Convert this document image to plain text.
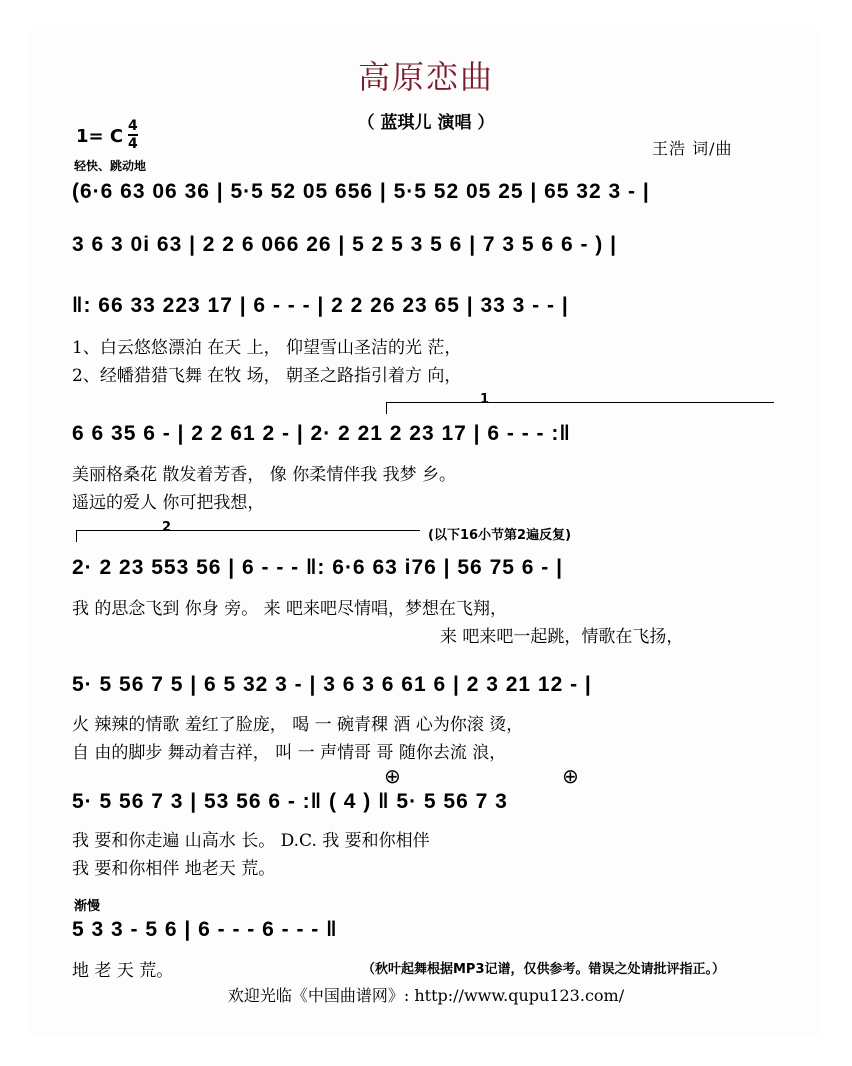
高原恋曲
（ 蓝琪儿 演唱 ）
1= C $\frac{4}{4}$
轻快、跳动地
王浩 词/曲
(6·6 63 06 36 | 5·5 52 05 656 | 5·5 52 05 25 | 65 32 3 - |
3 6 3 0i 63 | 2 2 6 066 26 | 5 2 5 3 5 6 | 7 3 5 6 6 - ) |
‖: 66 33 223 17 | 6 - - - | 2 2 26 23 65 | 33 3 - - |
1、白云悠悠漂泊 在天 上， 仰望雪山圣洁的光 茫，
2、经幡猎猎飞舞 在牧 场， 朝圣之路指引着方 向，
1
6 6 35 6 - | 2 2 61 2 - | 2· 2 21 2 23 17 | 6 - - - :‖
美丽格桑花 散发着芳香， 像 你柔情伴我 我梦 乡。
遥远的爱人 你可把我想，
2
(以下16小节第2遍反复)
2· 2 23 553 56 | 6 - - - ‖: 6·6 63 i76 | 56 75 6 - |
我 的思念飞到 你身 旁。 来 吧来吧尽情唱，梦想在飞翔，
来 吧来吧一起跳，情歌在飞扬，
5· 5 56 7 5 | 6 5 32 3 - | 3 6 3 6 61 6 | 2 3 21 12 - |
火 辣辣的情歌 羞红了脸庞， 喝 一 碗青稞 酒 心为你滚 烫，
自 由的脚步 舞动着吉祥， 叫 一 声情哥 哥 随你去流 浪，
⊕	⊕
5· 5 56 7 3 | 53 56 6 - :‖ ( 4 ) ‖ 5· 5 56 7 3
我 要和你走遍 山高水 长。 D.C. 我 要和你相伴
我 要和你相伴 地老天 荒。
渐慢
5 3 3 - 5 6 | 6 - - - 6 - - - ‖
地 老 天 荒。	（秋叶起舞根据MP3记谱，仅供参考。错误之处请批评指正。）
欢迎光临《中国曲谱网》: http://www.qupu123.com/
